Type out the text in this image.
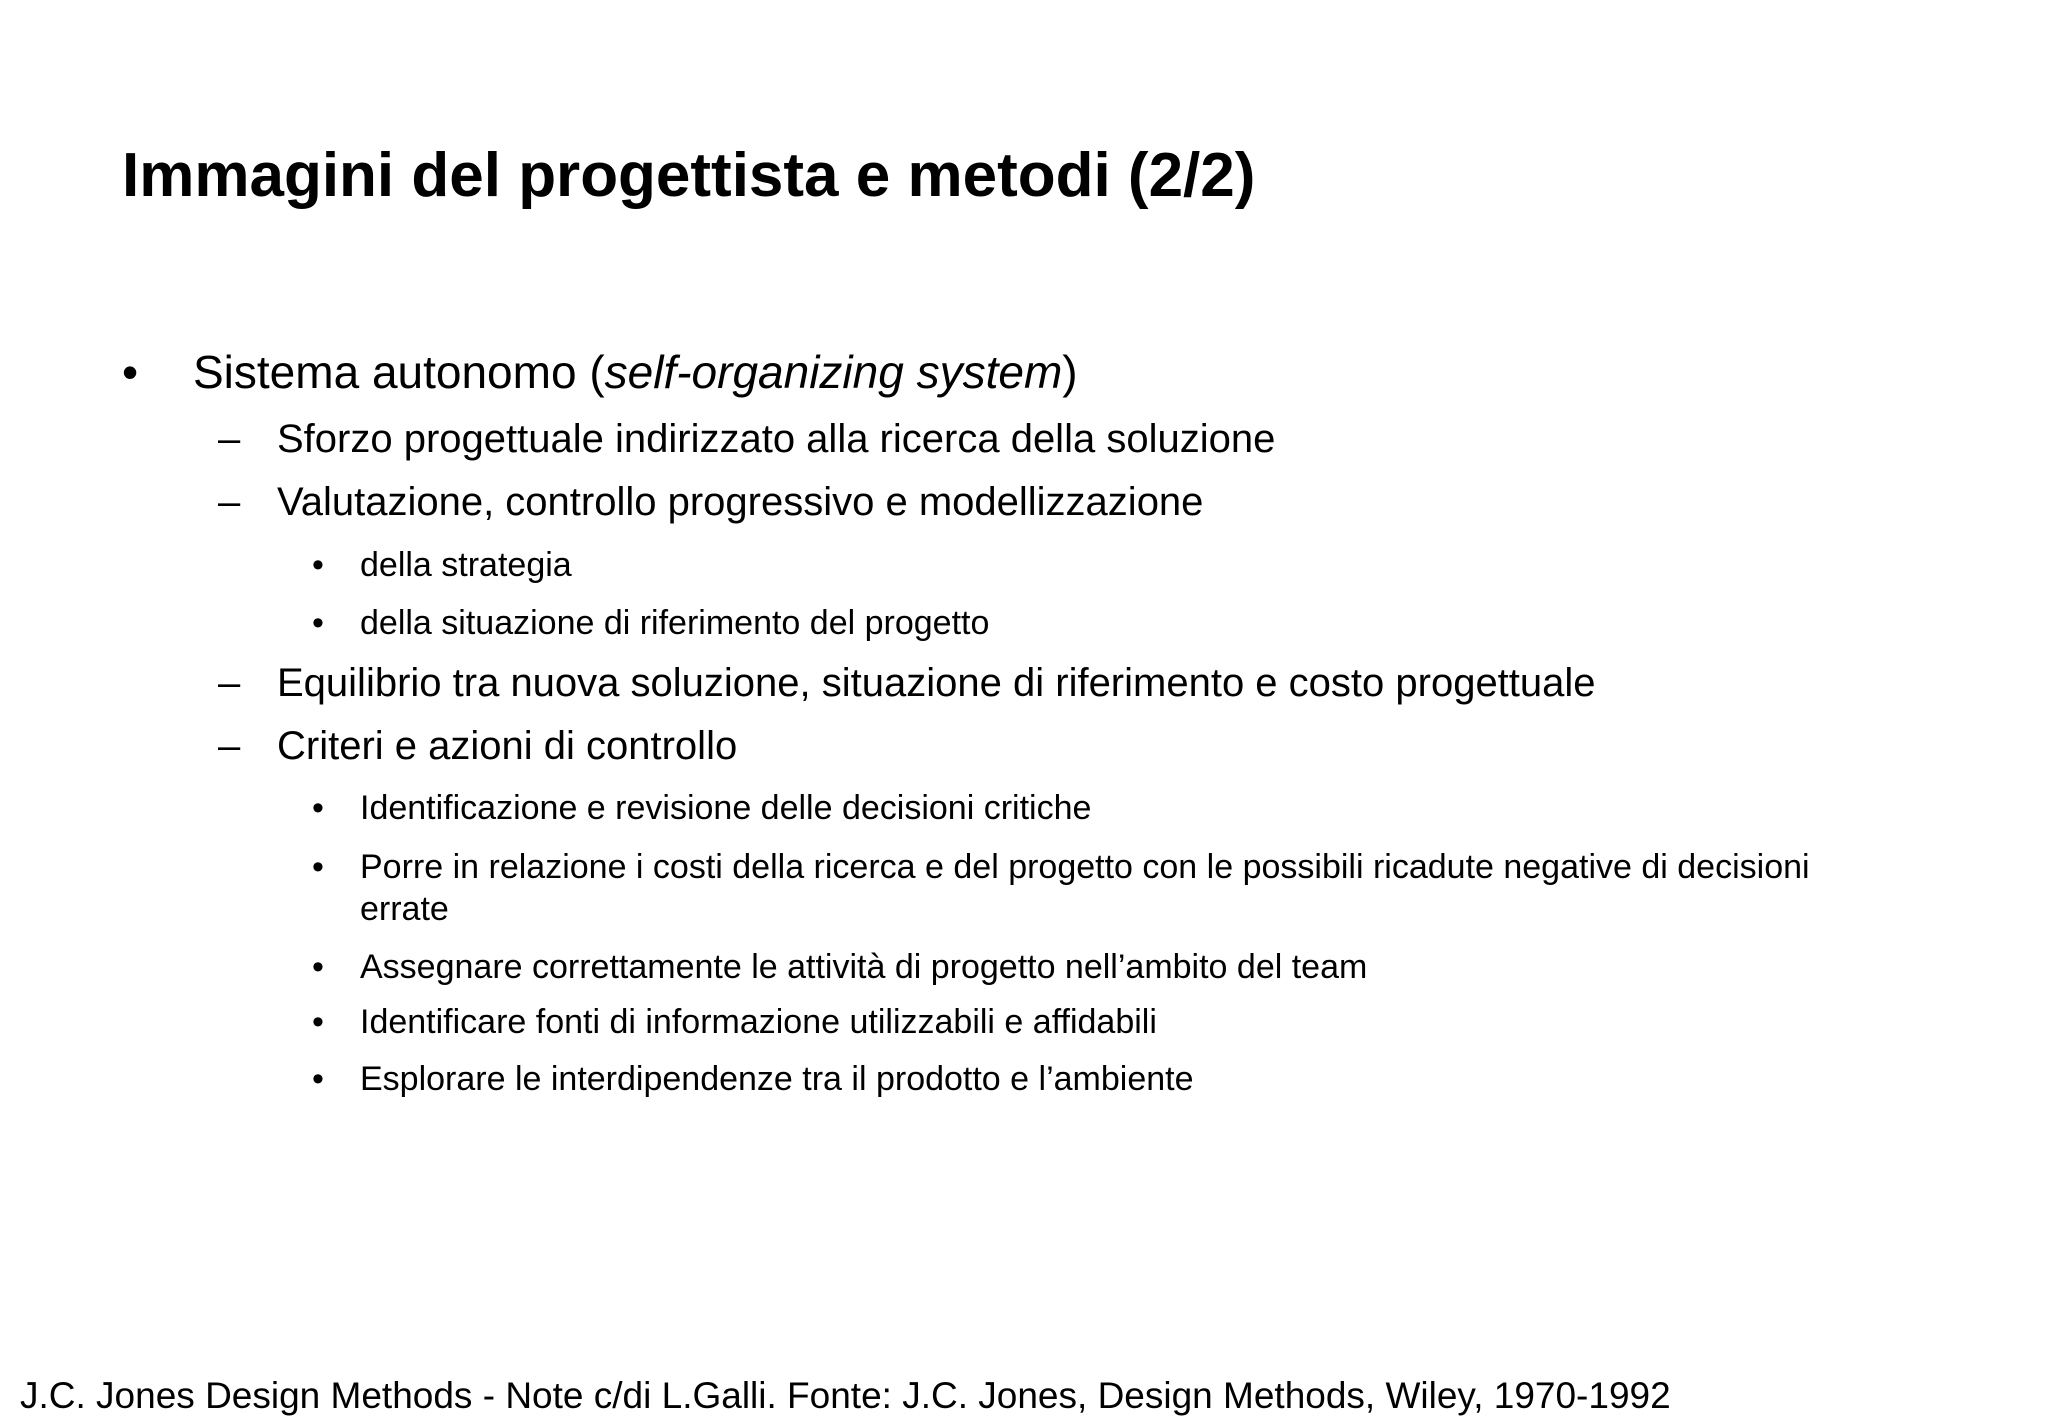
Immagini del progettista e metodi (2/2)
• Sistema autonomo (self-organizing system)
– Sforzo progettuale indirizzato alla ricerca della soluzione
– Valutazione, controllo progressivo e modellizzazione
• della strategia
• della situazione di riferimento del progetto
– Equilibrio tra nuova soluzione, situazione di riferimento e costo progettuale
– Criteri e azioni di controllo
• Identificazione e revisione delle decisioni critiche
• Porre in relazione i costi della ricerca e del progetto con le possibili ricadute negative di decisioni
errate
• Assegnare correttamente le attività di progetto nell’ambito del team
• Identificare fonti di informazione utilizzabili e affidabili
• Esplorare le interdipendenze tra il prodotto e l’ambiente
J.C. Jones Design Methods - Note c/di L.Galli. Fonte: J.C. Jones, Design Methods, Wiley, 1970-1992
